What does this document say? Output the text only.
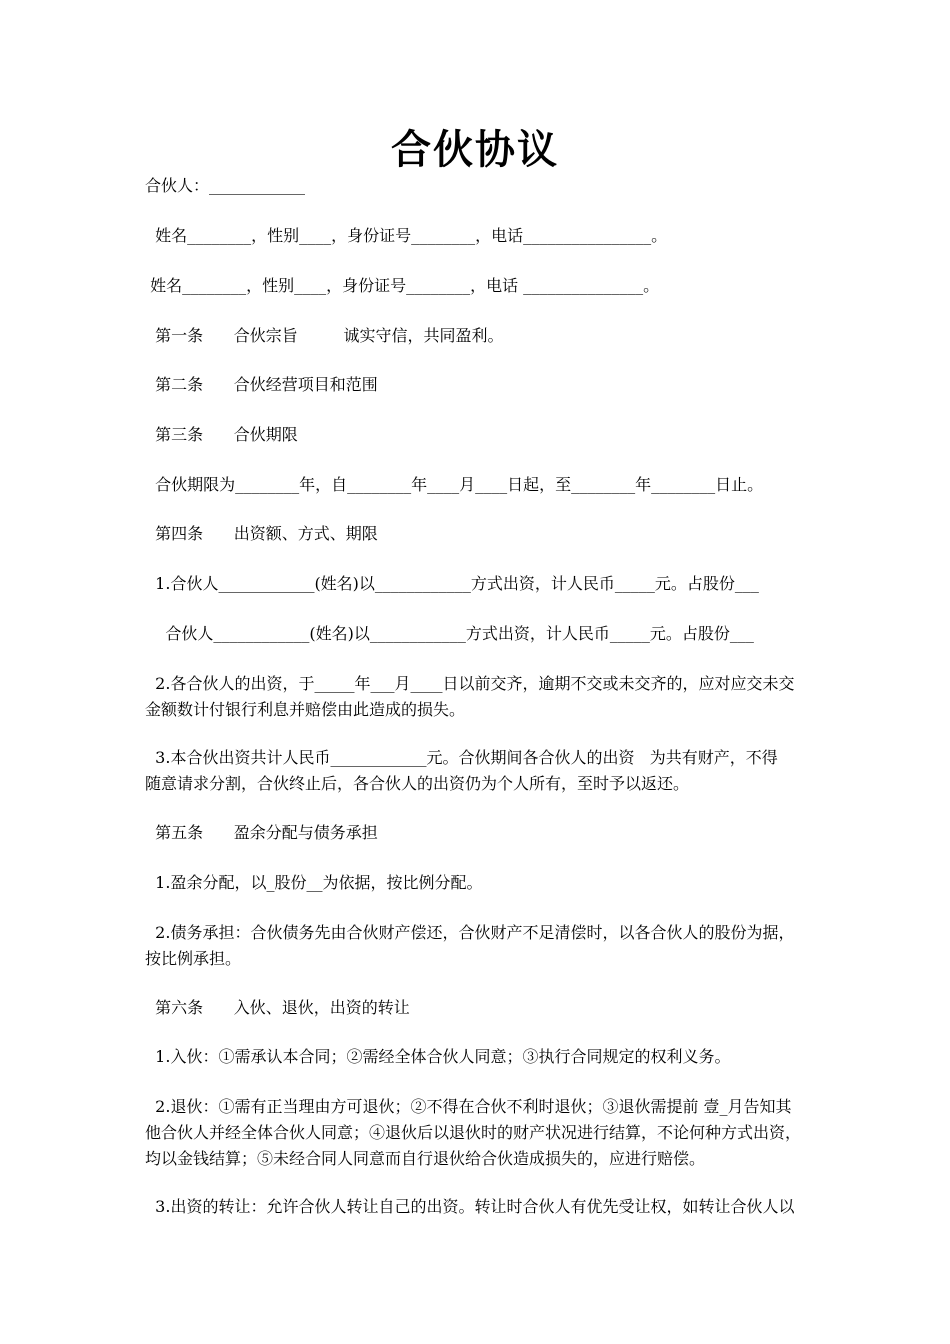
合伙协议
合伙人：____________
姓名________，性别____，身份证号________，电话________________。
姓名________，性别____，身份证号________，电话 _______________。
第一条      合伙宗旨         诚实守信，共同盈利。
第二条      合伙经营项目和范围
第三条      合伙期限
合伙期限为________年，自________年____月____日起，至________年________日止。
第四条      出资额、方式、期限
1.合伙人____________(姓名)以____________方式出资，计人民币_____元。占股份___
合伙人____________(姓名)以____________方式出资，计人民币_____元。占股份___
2.各合伙人的出资，于_____年___月____日以前交齐，逾期不交或未交齐的，应对应交未交
金额数计付银行利息并赔偿由此造成的损失。
3.本合伙出资共计人民币____________元。合伙期间各合伙人的出资   为共有财产，不得
随意请求分割，合伙终止后，各合伙人的出资仍为个人所有，至时予以返还。
第五条      盈余分配与债务承担
1.盈余分配，以_股份__为依据，按比例分配。
2.债务承担：合伙债务先由合伙财产偿还，合伙财产不足清偿时，以各合伙人的股份为据，
按比例承担。
第六条      入伙、退伙，出资的转让
1.入伙：①需承认本合同；②需经全体合伙人同意；③执行合同规定的权利义务。
2.退伙：①需有正当理由方可退伙；②不得在合伙不利时退伙；③退伙需提前 壹_月告知其
他合伙人并经全体合伙人同意；④退伙后以退伙时的财产状况进行结算，不论何种方式出资，
均以金钱结算；⑤未经合同人同意而自行退伙给合伙造成损失的，应进行赔偿。
3.出资的转让：允许合伙人转让自己的出资。转让时合伙人有优先受让权，如转让合伙人以
